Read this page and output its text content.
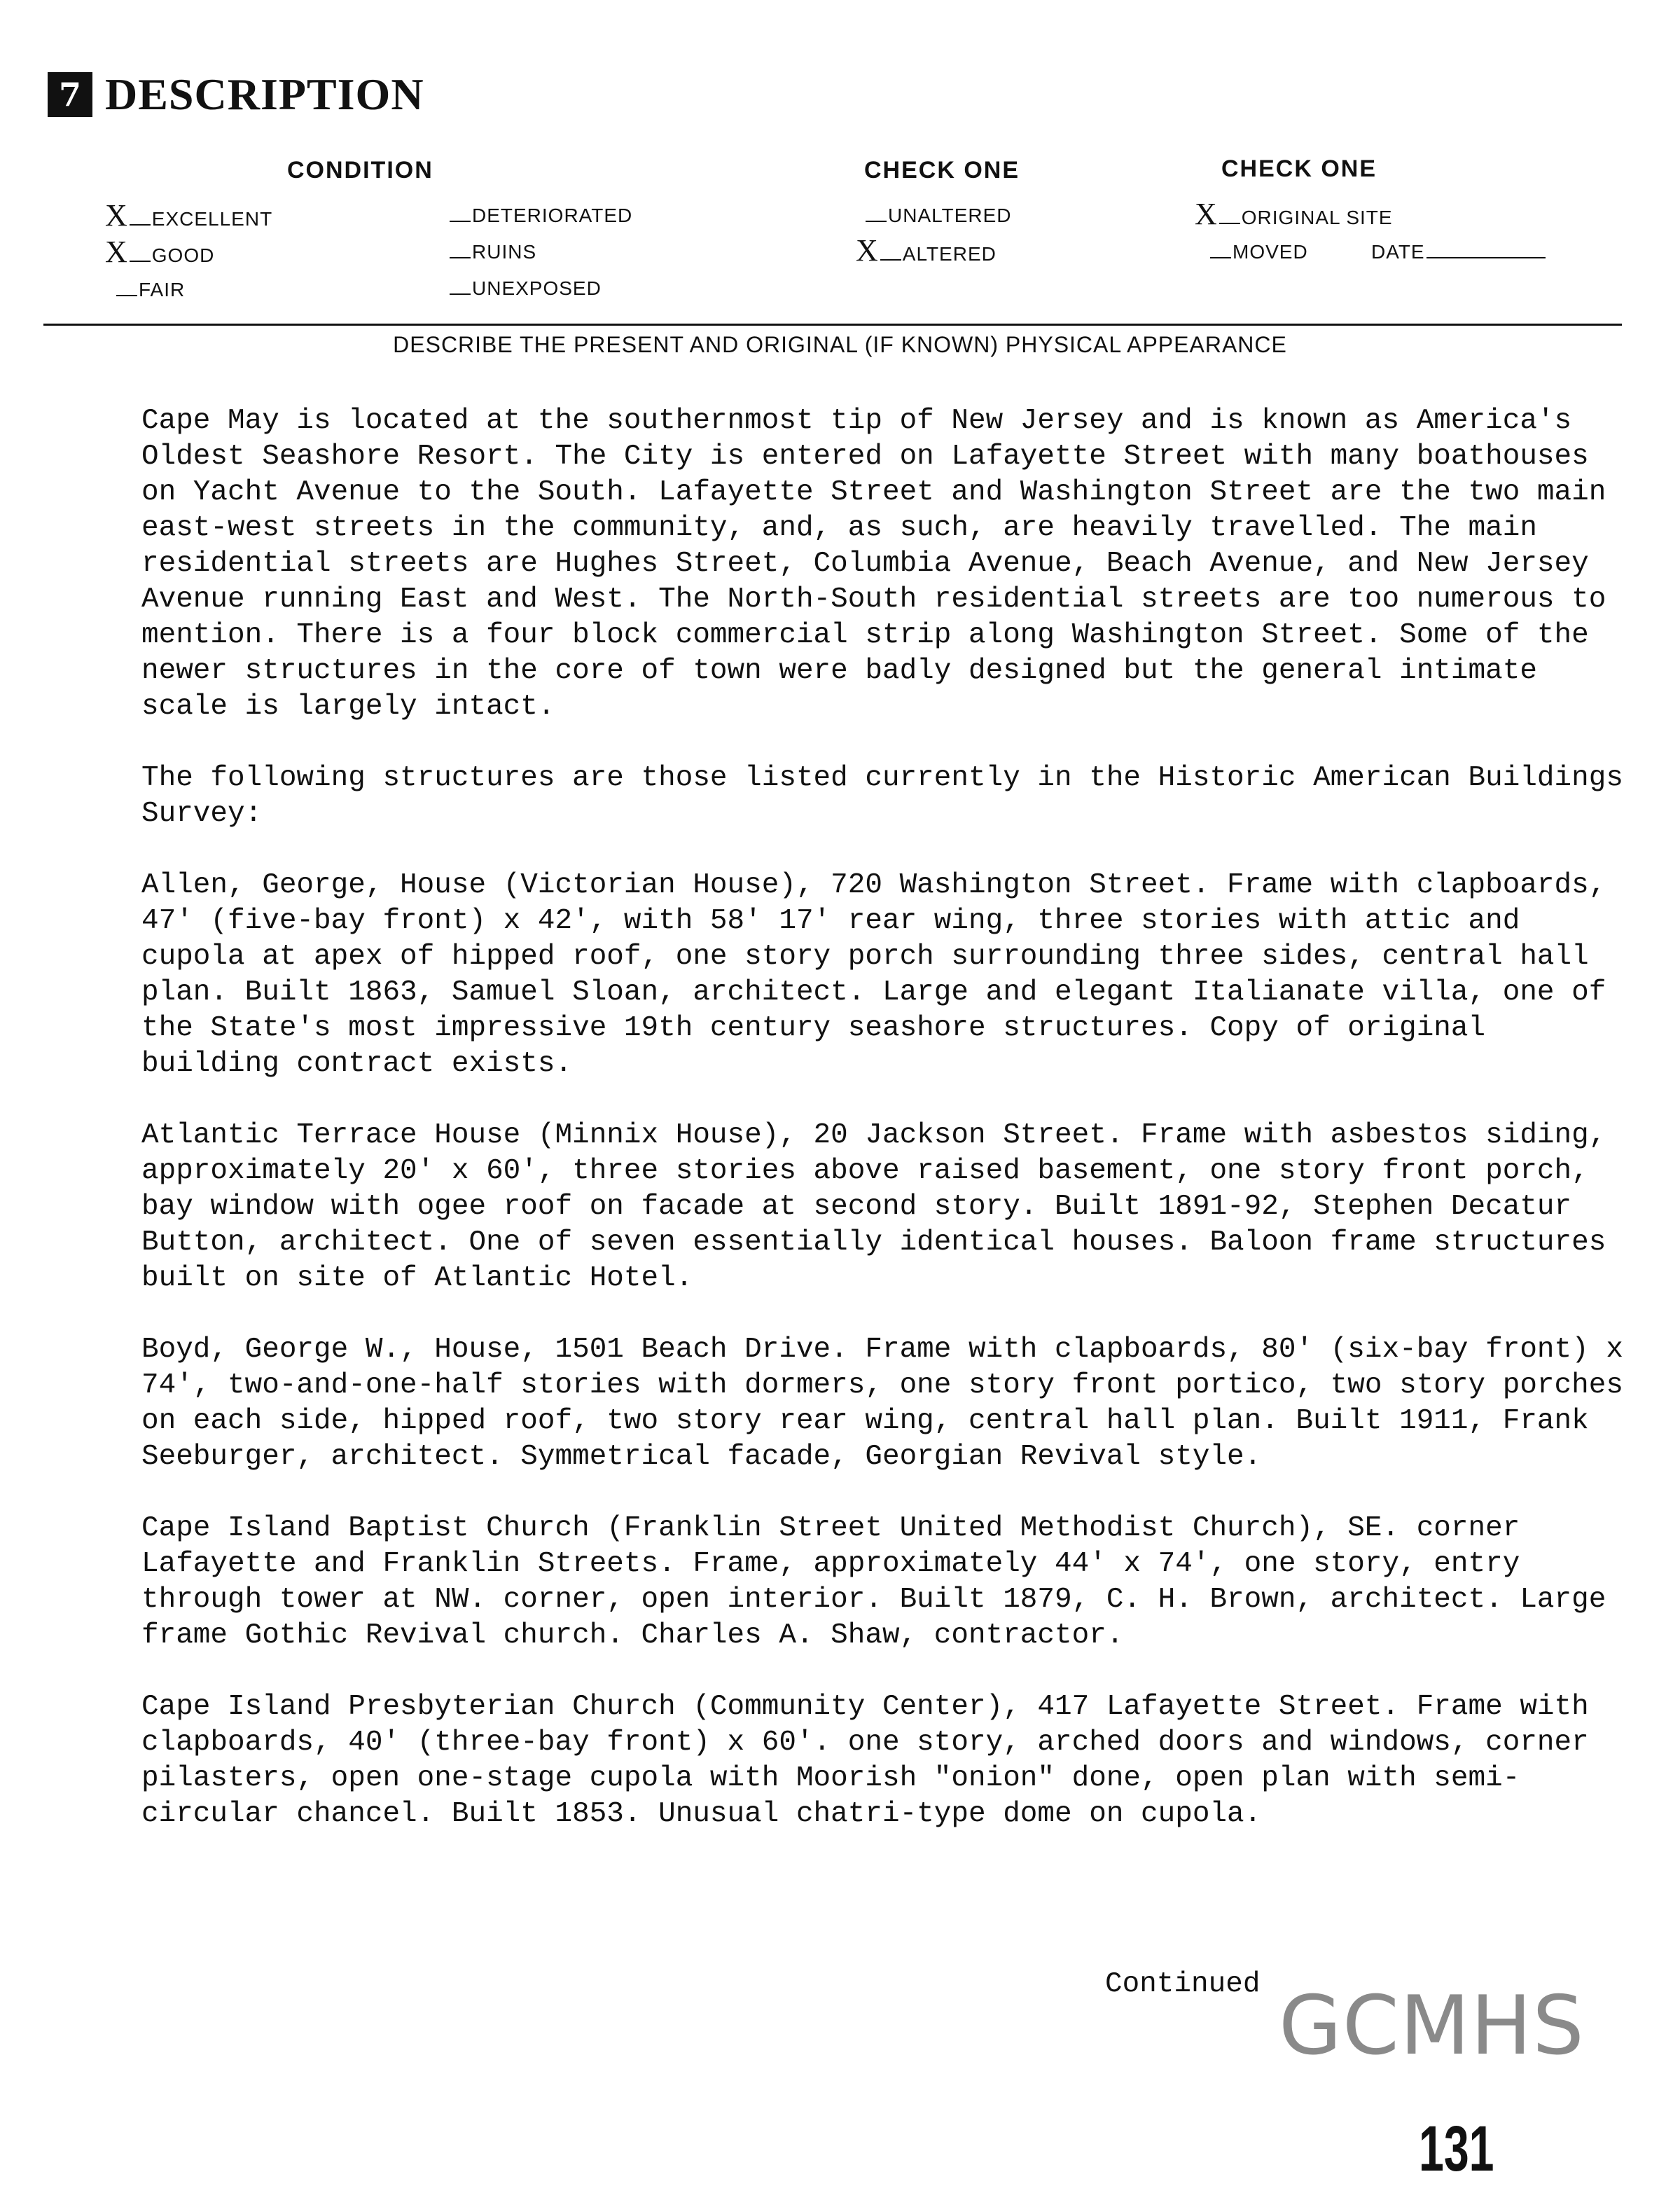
7 DESCRIPTION
CONDITION
X EXCELLENT
X GOOD
FAIR
DETERIORATED
RUINS
UNEXPOSED
CHECK ONE
UNALTERED
X ALTERED
CHECK ONE
X ORIGINAL SITE
MOVED	DATE
DESCRIBE THE PRESENT AND ORIGINAL (IF KNOWN) PHYSICAL APPEARANCE

Cape May is located at the southernmost tip of New Jersey and is known as America's Oldest Seashore Resort. The City is entered on Lafayette Street with many boathouses on Yacht Avenue to the South. Lafayette Street and Washington Street are the two main east-west streets in the community, and, as such, are heavily travelled. The main residential streets are Hughes Street, Columbia Avenue, Beach Avenue, and New Jersey Avenue running East and West. The North-South residential streets are too numerous to mention. There is a four block commercial strip along Washington Street. Some of the newer structures in the core of town were badly designed but the general intimate scale is largely intact.

The following structures are those listed currently in the Historic American Buildings Survey:

Allen, George, House (Victorian House), 720 Washington Street. Frame with clapboards, 47' (five-bay front) x 42', with 58' 17' rear wing, three stories with attic and cupola at apex of hipped roof, one story porch surrounding three sides, central hall plan. Built 1863, Samuel Sloan, architect. Large and elegant Italianate villa, one of the State's most impressive 19th century seashore structures. Copy of original building contract exists.

Atlantic Terrace House (Minnix House), 20 Jackson Street. Frame with asbestos siding, approximately 20' x 60', three stories above raised basement, one story front porch, bay window with ogee roof on facade at second story. Built 1891-92, Stephen Decatur Button, architect. One of seven essentially identical houses. Baloon frame structures built on site of Atlantic Hotel.

Boyd, George W., House, 1501 Beach Drive. Frame with clapboards, 80' (six-bay front) x 74', two-and-one-half stories with dormers, one story front portico, two story porches on each side, hipped roof, two story rear wing, central hall plan. Built 1911, Frank Seeburger, architect. Symmetrical facade, Georgian Revival style.

Cape Island Baptist Church (Franklin Street United Methodist Church), SE. corner Lafayette and Franklin Streets. Frame, approximately 44' x 74', one story, entry through tower at NW. corner, open interior. Built 1879, C. H. Brown, architect. Large frame Gothic Revival church. Charles A. Shaw, contractor.

Cape Island Presbyterian Church (Community Center), 417 Lafayette Street. Frame with clapboards, 40' (three-bay front) x 60'. one story, arched doors and windows, corner pilasters, open one-stage cupola with Moorish "onion" done, open plan with semi-circular chancel. Built 1853. Unusual chatri-type dome on cupola.

Continued GCMHS
131
